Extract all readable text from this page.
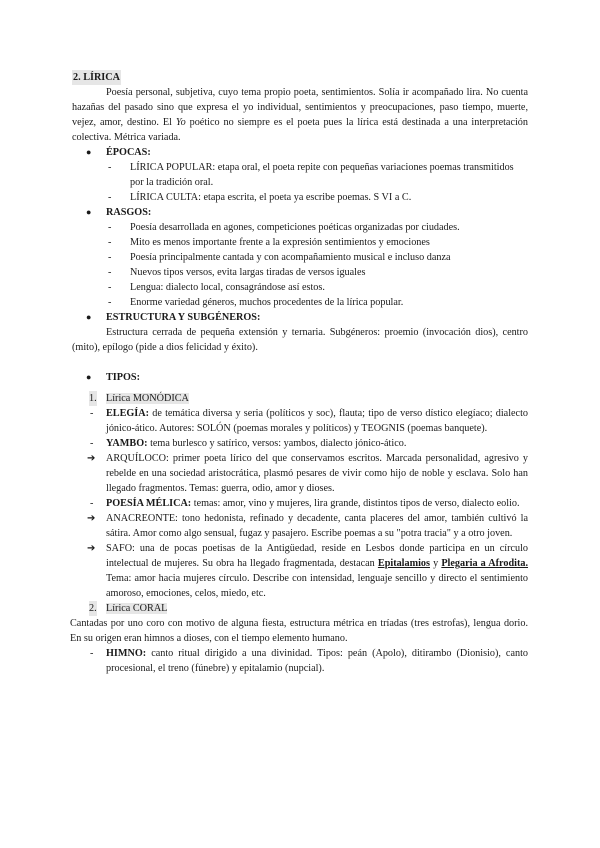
2. LÍRICA

Poesía personal, subjetiva, cuyo tema propio poeta, sentimientos. Solía ir acompañado lira. No cuenta hazañas del pasado sino que expresa el yo individual, sentimientos y preocupaciones, paso tiempo, muerte, vejez, amor, destino. El Yo poético no siempre es el poeta pues la lírica está destinada a una interpretación colectiva. Métrica variada.

● ÉPOCAS:
- LÍRICA POPULAR: etapa oral, el poeta repite con pequeñas variaciones poemas transmitidos por la tradición oral.
- LÍRICA CULTA: etapa escrita, el poeta ya escribe poemas. S VI a C.
● RASGOS:
- Poesía desarrollada en agones, competiciones poéticas organizadas por ciudades.
- Mito es menos importante frente a la expresión sentimientos y emociones
- Poesía principalmente cantada y con acompañamiento musical e incluso danza
- Nuevos tipos versos, evita largas tiradas de versos iguales
- Lengua: dialecto local, consagrándose así estos.
- Enorme variedad géneros, muchos procedentes de la lírica popular.
● ESTRUCTURA Y SUBGÉNEROS:

Estructura cerrada de pequeña extensión y ternaria. Subgéneros: proemio (invocación dios), centro (mito), epílogo (pide a dios felicidad y éxito).

● TIPOS:
1. Lírica MONÓDICA
- ELEGÍA: de temática diversa y seria (políticos y soc), flauta; tipo de verso dístico elegíaco; dialecto jónico-ático. Autores: SOLÓN (poemas morales y políticos) y TEOGNIS (poemas banquete).
- YAMBO: tema burlesco y satírico, versos: yambos, dialecto jónico-ático.
➔ ARQUÍLOCO: primer poeta lírico del que conservamos escritos. Marcada personalidad, agresivo y rebelde en una sociedad aristocrática, plasmó pesares de vivir como hijo de noble y esclava. Solo han llegado fragmentos. Temas: guerra, odio, amor y dioses.
- POESÍA MÉLICA: temas: amor, vino y mujeres, lira grande, distintos tipos de verso, dialecto eolio.
➔ ANACREONTE: tono hedonista, refinado y decadente, canta placeres del amor, también cultivó la sátira. Amor como algo sensual, fugaz y pasajero. Escribe poemas a su "potra tracia" y a otro joven.
➔ SAFO: una de pocas poetisas de la Antigüedad, reside en Lesbos donde participa en un círculo intelectual de mujeres. Su obra ha llegado fragmentada, destacan Epitalamios y Plegaria a Afrodita. Tema: amor hacia mujeres círculo. Describe con intensidad, lenguaje sencillo y directo el sentimiento amoroso, emociones, celos, miedo, etc.
2. Lírica CORAL

Cantadas por uno coro con motivo de alguna fiesta, estructura métrica en tríadas (tres estrofas), lengua dorio. En su origen eran himnos a dioses, con el tiempo elemento humano.

- HIMNO: canto ritual dirigido a una divinidad. Tipos: peán (Apolo), ditirambo (Dionisio), canto procesional, el treno (fúnebre) y epitalamio (nupcial).
